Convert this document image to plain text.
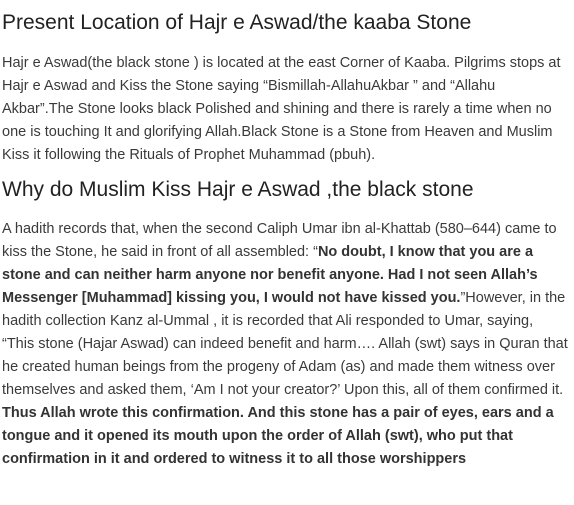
Present Location of Hajr e Aswad/the kaaba Stone

Hajr e Aswad(the black stone ) is located at the east Corner of Kaaba. Pilgrims stops at Hajr e Aswad and Kiss the Stone saying “Bismillah-AllahuAkbar ” and “Allahu Akbar”.The Stone looks black Polished and shining and there is rarely a time when no one is touching It and glorifying Allah.Black Stone is a Stone from Heaven and Muslim Kiss it following the Rituals of Prophet Muhammad (pbuh).

Why do Muslim Kiss Hajr e Aswad ,the black stone

A hadith records that, when the second Caliph Umar ibn al-Khattab (580–644) came to kiss the Stone, he said in front of all assembled: “No doubt, I know that you are a stone and can neither harm anyone nor benefit anyone. Had I not seen Allah’s Messenger [Muhammad] kissing you, I would not have kissed you.”However, in the hadith collection Kanz al-Ummal , it is recorded that Ali responded to Umar, saying, “This stone (Hajar Aswad) can indeed benefit and harm…. Allah (swt) says in Quran that he created human beings from the progeny of Adam (as) and made them witness over themselves and asked them, ‘Am I not your creator?’ Upon this, all of them confirmed it. Thus Allah wrote this confirmation. And this stone has a pair of eyes, ears and a tongue and it opened its mouth upon the order of Allah (swt), who put that confirmation in it and ordered to witness it to all those worshippers
